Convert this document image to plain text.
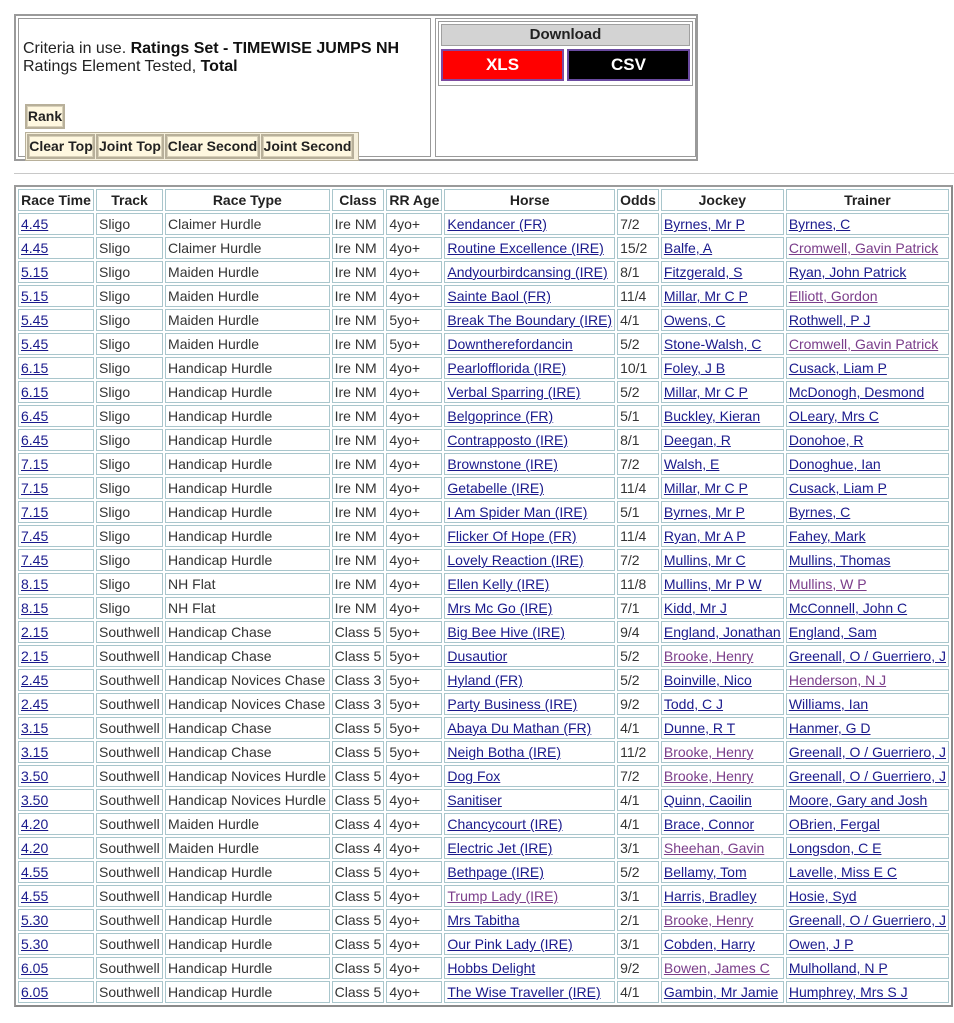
Criteria in use. Ratings Set - TIMEWISE JUMPS NH
Ratings Element Tested, Total
Rank
Clear Top Joint Top Clear Second Joint Second
Download
XLS	CSV
Race Time	Track	Race Type	Class	RR Age	Horse	Odds	Jockey	Trainer
4.45	Sligo	Claimer Hurdle	Ire NM	4yo+	Kendancer (FR)	7/2	Byrnes, Mr P	Byrnes, C
4.45	Sligo	Claimer Hurdle	Ire NM	4yo+	Routine Excellence (IRE)	15/2	Balfe, A	Cromwell, Gavin Patrick
5.15	Sligo	Maiden Hurdle	Ire NM	4yo+	Andyourbirdcansing (IRE)	8/1	Fitzgerald, S	Ryan, John Patrick
5.15	Sligo	Maiden Hurdle	Ire NM	4yo+	Sainte Baol (FR)	11/4	Millar, Mr C P	Elliott, Gordon
5.45	Sligo	Maiden Hurdle	Ire NM	5yo+	Break The Boundary (IRE)	4/1	Owens, C	Rothwell, P J
5.45	Sligo	Maiden Hurdle	Ire NM	5yo+	Downtherefordancin	5/2	Stone-Walsh, C	Cromwell, Gavin Patrick
6.15	Sligo	Handicap Hurdle	Ire NM	4yo+	Pearlofflorida (IRE)	10/1	Foley, J B	Cusack, Liam P
6.15	Sligo	Handicap Hurdle	Ire NM	4yo+	Verbal Sparring (IRE)	5/2	Millar, Mr C P	McDonogh, Desmond
6.45	Sligo	Handicap Hurdle	Ire NM	4yo+	Belgoprince (FR)	5/1	Buckley, Kieran	OLeary, Mrs C
6.45	Sligo	Handicap Hurdle	Ire NM	4yo+	Contrapposto (IRE)	8/1	Deegan, R	Donohoe, R
7.15	Sligo	Handicap Hurdle	Ire NM	4yo+	Brownstone (IRE)	7/2	Walsh, E	Donoghue, Ian
7.15	Sligo	Handicap Hurdle	Ire NM	4yo+	Getabelle (IRE)	11/4	Millar, Mr C P	Cusack, Liam P
7.15	Sligo	Handicap Hurdle	Ire NM	4yo+	I Am Spider Man (IRE)	5/1	Byrnes, Mr P	Byrnes, C
7.45	Sligo	Handicap Hurdle	Ire NM	4yo+	Flicker Of Hope (FR)	11/4	Ryan, Mr A P	Fahey, Mark
7.45	Sligo	Handicap Hurdle	Ire NM	4yo+	Lovely Reaction (IRE)	7/2	Mullins, Mr C	Mullins, Thomas
8.15	Sligo	NH Flat	Ire NM	4yo+	Ellen Kelly (IRE)	11/8	Mullins, Mr P W	Mullins, W P
8.15	Sligo	NH Flat	Ire NM	4yo+	Mrs Mc Go (IRE)	7/1	Kidd, Mr J	McConnell, John C
2.15	Southwell	Handicap Chase	Class 5	5yo+	Big Bee Hive (IRE)	9/4	England, Jonathan	England, Sam
2.15	Southwell	Handicap Chase	Class 5	5yo+	Dusautior	5/2	Brooke, Henry	Greenall, O / Guerriero, J
2.45	Southwell	Handicap Novices Chase	Class 3	5yo+	Hyland (FR)	5/2	Boinville, Nico	Henderson, N J
2.45	Southwell	Handicap Novices Chase	Class 3	5yo+	Party Business (IRE)	9/2	Todd, C J	Williams, Ian
3.15	Southwell	Handicap Chase	Class 5	5yo+	Abaya Du Mathan (FR)	4/1	Dunne, R T	Hanmer, G D
3.15	Southwell	Handicap Chase	Class 5	5yo+	Neigh Botha (IRE)	11/2	Brooke, Henry	Greenall, O / Guerriero, J
3.50	Southwell	Handicap Novices Hurdle	Class 5	4yo+	Dog Fox	7/2	Brooke, Henry	Greenall, O / Guerriero, J
3.50	Southwell	Handicap Novices Hurdle	Class 5	4yo+	Sanitiser	4/1	Quinn, Caoilin	Moore, Gary and Josh
4.20	Southwell	Maiden Hurdle	Class 4	4yo+	Chancycourt (IRE)	4/1	Brace, Connor	OBrien, Fergal
4.20	Southwell	Maiden Hurdle	Class 4	4yo+	Electric Jet (IRE)	3/1	Sheehan, Gavin	Longsdon, C E
4.55	Southwell	Handicap Hurdle	Class 5	4yo+	Bethpage (IRE)	5/2	Bellamy, Tom	Lavelle, Miss E C
4.55	Southwell	Handicap Hurdle	Class 5	4yo+	Trump Lady (IRE)	3/1	Harris, Bradley	Hosie, Syd
5.30	Southwell	Handicap Hurdle	Class 5	4yo+	Mrs Tabitha	2/1	Brooke, Henry	Greenall, O / Guerriero, J
5.30	Southwell	Handicap Hurdle	Class 5	4yo+	Our Pink Lady (IRE)	3/1	Cobden, Harry	Owen, J P
6.05	Southwell	Handicap Hurdle	Class 5	4yo+	Hobbs Delight	9/2	Bowen, James C	Mulholland, N P
6.05	Southwell	Handicap Hurdle	Class 5	4yo+	The Wise Traveller (IRE)	4/1	Gambin, Mr Jamie	Humphrey, Mrs S J
